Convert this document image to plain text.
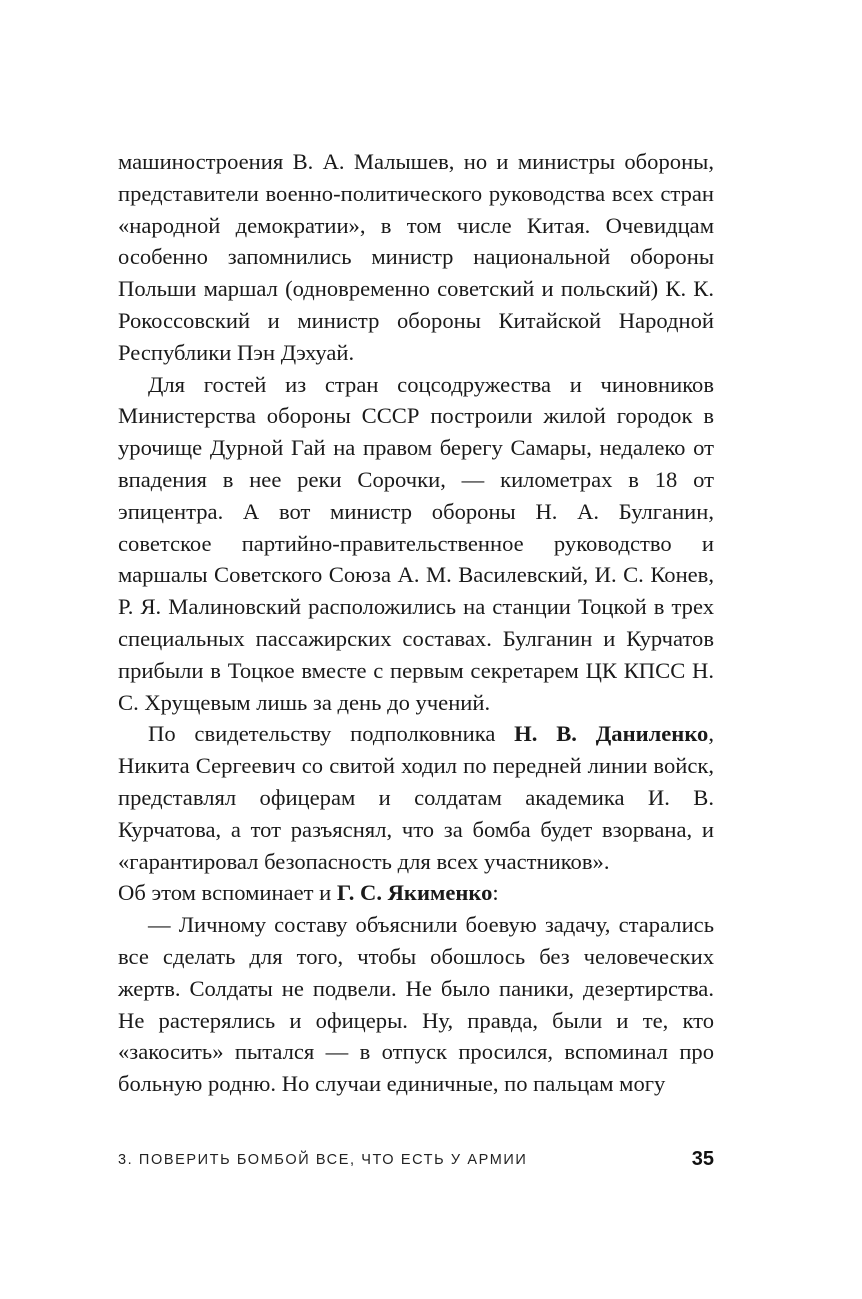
машиностроения В. А. Малышев, но и министры обороны, представители военно-политического руководства всех стран «народной демократии», в том числе Китая. Очевидцам особенно запомнились министр национальной обороны Польши маршал (одновременно советский и польский) К. К. Рокоссовский и министр обороны Китайской Народной Республики Пэн Дэхуай.

Для гостей из стран соцсодружества и чиновников Министерства обороны СССР построили жилой городок в урочище Дурной Гай на правом берегу Самары, недалеко от впадения в нее реки Сорочки, — километрах в 18 от эпицентра. А вот министр обороны Н. А. Булганин, советское партийно-правительственное руководство и маршалы Советского Союза А. М. Василевский, И. С. Конев, Р. Я. Малиновский расположились на станции Тоцкой в трех специальных пассажирских составах. Булганин и Курчатов прибыли в Тоцкое вместе с первым секретарем ЦК КПСС Н. С. Хрущевым лишь за день до учений.

По свидетельству подполковника Н. В. Даниленко, Никита Сергеевич со свитой ходил по передней линии войск, представлял офицерам и солдатам академика И. В. Курчатова, а тот разъяснял, что за бомба будет взорвана, и «гарантировал безопасность для всех участников».

Об этом вспоминает и Г. С. Якименко:

— Личному составу объяснили боевую задачу, старались все сделать для того, чтобы обошлось без человеческих жертв. Солдаты не подвели. Не было паники, дезертирства. Не растерялись и офицеры. Ну, правда, были и те, кто «закосить» пытался — в отпуск просился, вспоминал про больную родню. Но случаи единичные, по пальцам могу

3. ПОВЕРИТЬ БОМБОЙ ВСЕ, ЧТО ЕСТЬ У АРМИИ	35
